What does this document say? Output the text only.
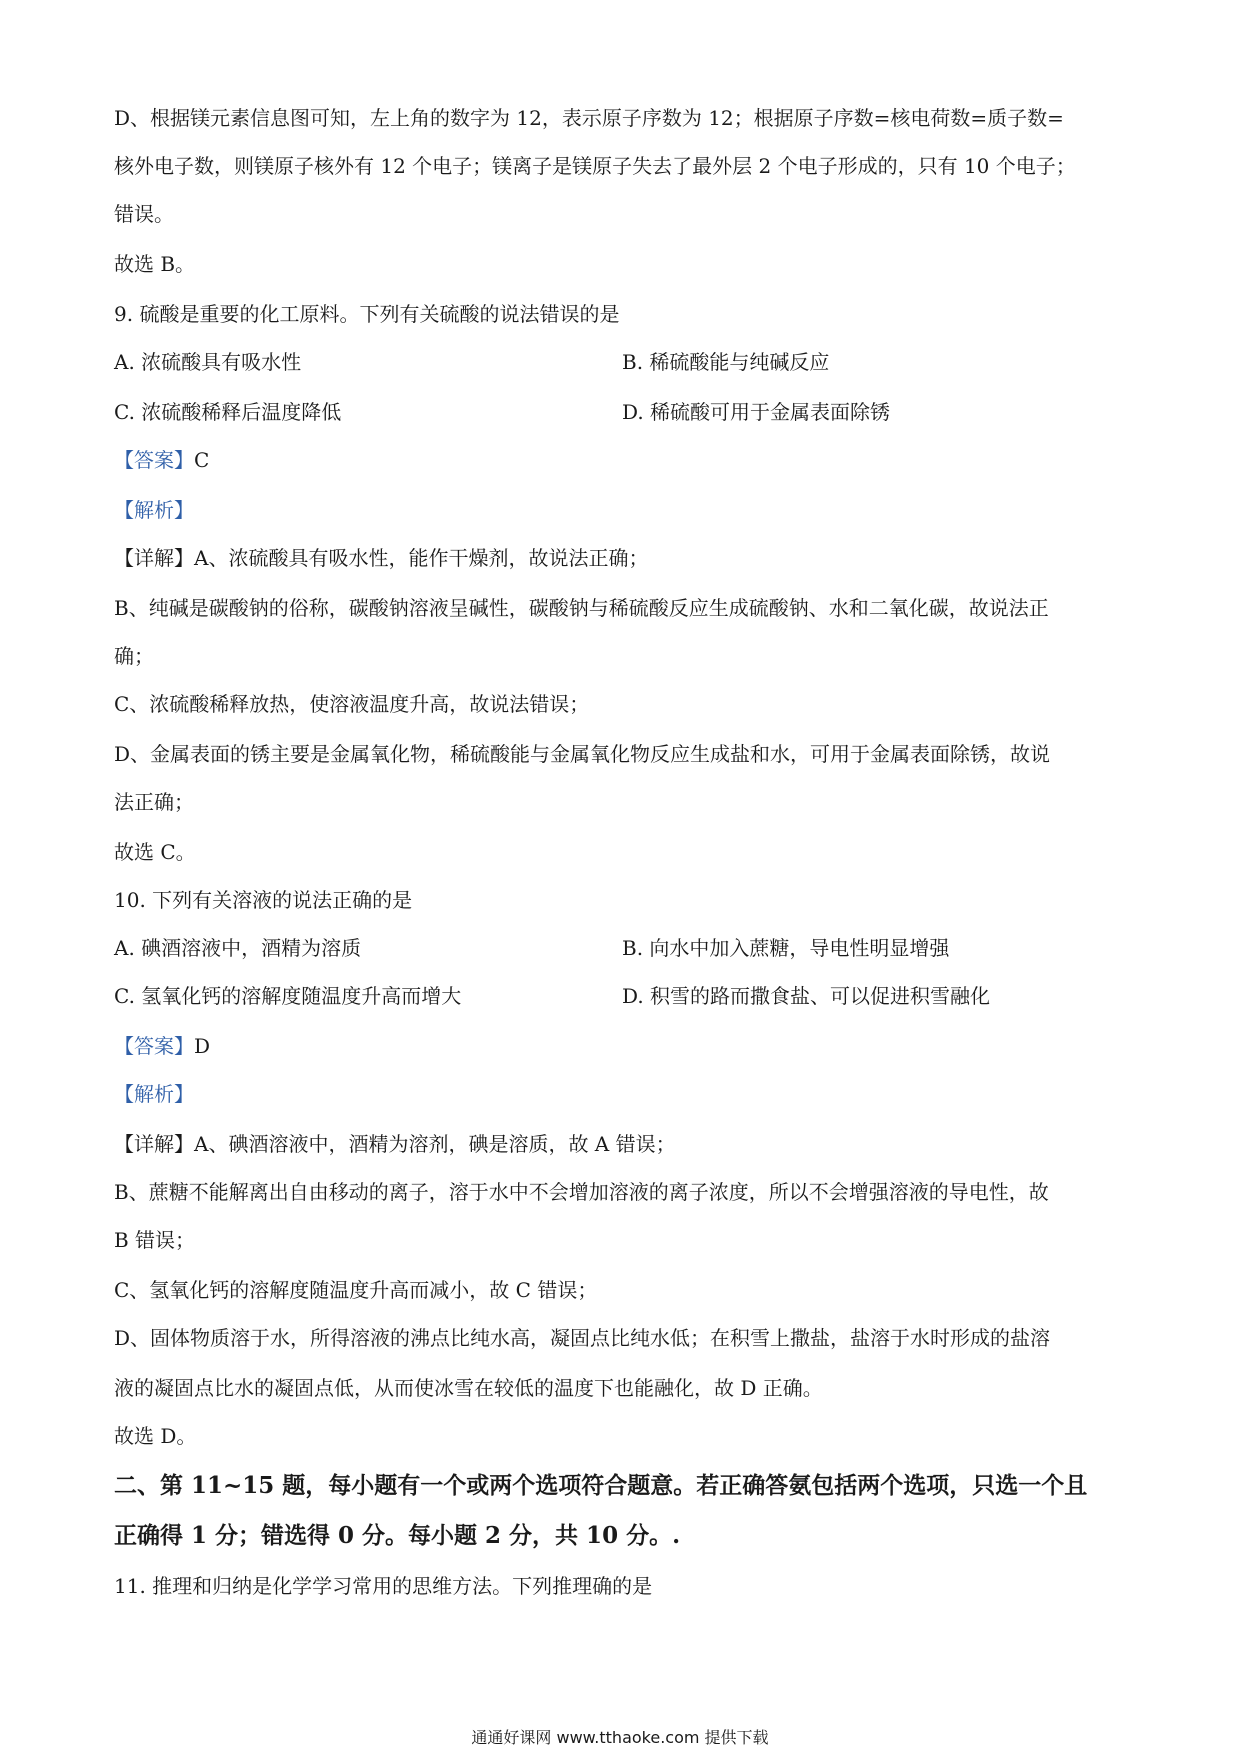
D、根据镁元素信息图可知，左上角的数字为 12，表示原子序数为 12；根据原子序数=核电荷数=质子数=
核外电子数，则镁原子核外有 12 个电子；镁离子是镁原子失去了最外层 2 个电子形成的，只有 10 个电子；
错误。
故选 B。
9. 硫酸是重要的化工原料。下列有关硫酸的说法错误的是
A. 浓硫酸具有吸水性	B. 稀硫酸能与纯碱反应
C. 浓硫酸稀释后温度降低	D. 稀硫酸可用于金属表面除锈
【答案】C
【解析】
【详解】A、浓硫酸具有吸水性，能作干燥剂，故说法正确；
B、纯碱是碳酸钠的俗称，碳酸钠溶液呈碱性，碳酸钠与稀硫酸反应生成硫酸钠、水和二氧化碳，故说法正
确；
C、浓硫酸稀释放热，使溶液温度升高，故说法错误；
D、金属表面的锈主要是金属氧化物，稀硫酸能与金属氧化物反应生成盐和水，可用于金属表面除锈，故说
法正确；
故选 C。
10. 下列有关溶液的说法正确的是
A. 碘酒溶液中，酒精为溶质	B. 向水中加入蔗糖，导电性明显增强
C. 氢氧化钙的溶解度随温度升高而增大	D. 积雪的路而撒食盐、可以促进积雪融化
【答案】D
【解析】
【详解】A、碘酒溶液中，酒精为溶剂，碘是溶质，故 A 错误；
B、蔗糖不能解离出自由移动的离子，溶于水中不会增加溶液的离子浓度，所以不会增强溶液的导电性，故
B 错误；
C、氢氧化钙的溶解度随温度升高而减小，故 C 错误；
D、固体物质溶于水，所得溶液的沸点比纯水高，凝固点比纯水低；在积雪上撒盐，盐溶于水时形成的盐溶
液的凝固点比水的凝固点低，从而使冰雪在较低的温度下也能融化，故 D 正确。
故选 D。
二、第 11~15 题，每小题有一个或两个选项符合题意。若正确答氨包括两个选项，只选一个且
正确得 1 分；错选得 0 分。每小题 2 分，共 10 分。.
11. 推理和归纳是化学学习常用的思维方法。下列推理确的是
通通好课网 www.tthaoke.com 提供下载
